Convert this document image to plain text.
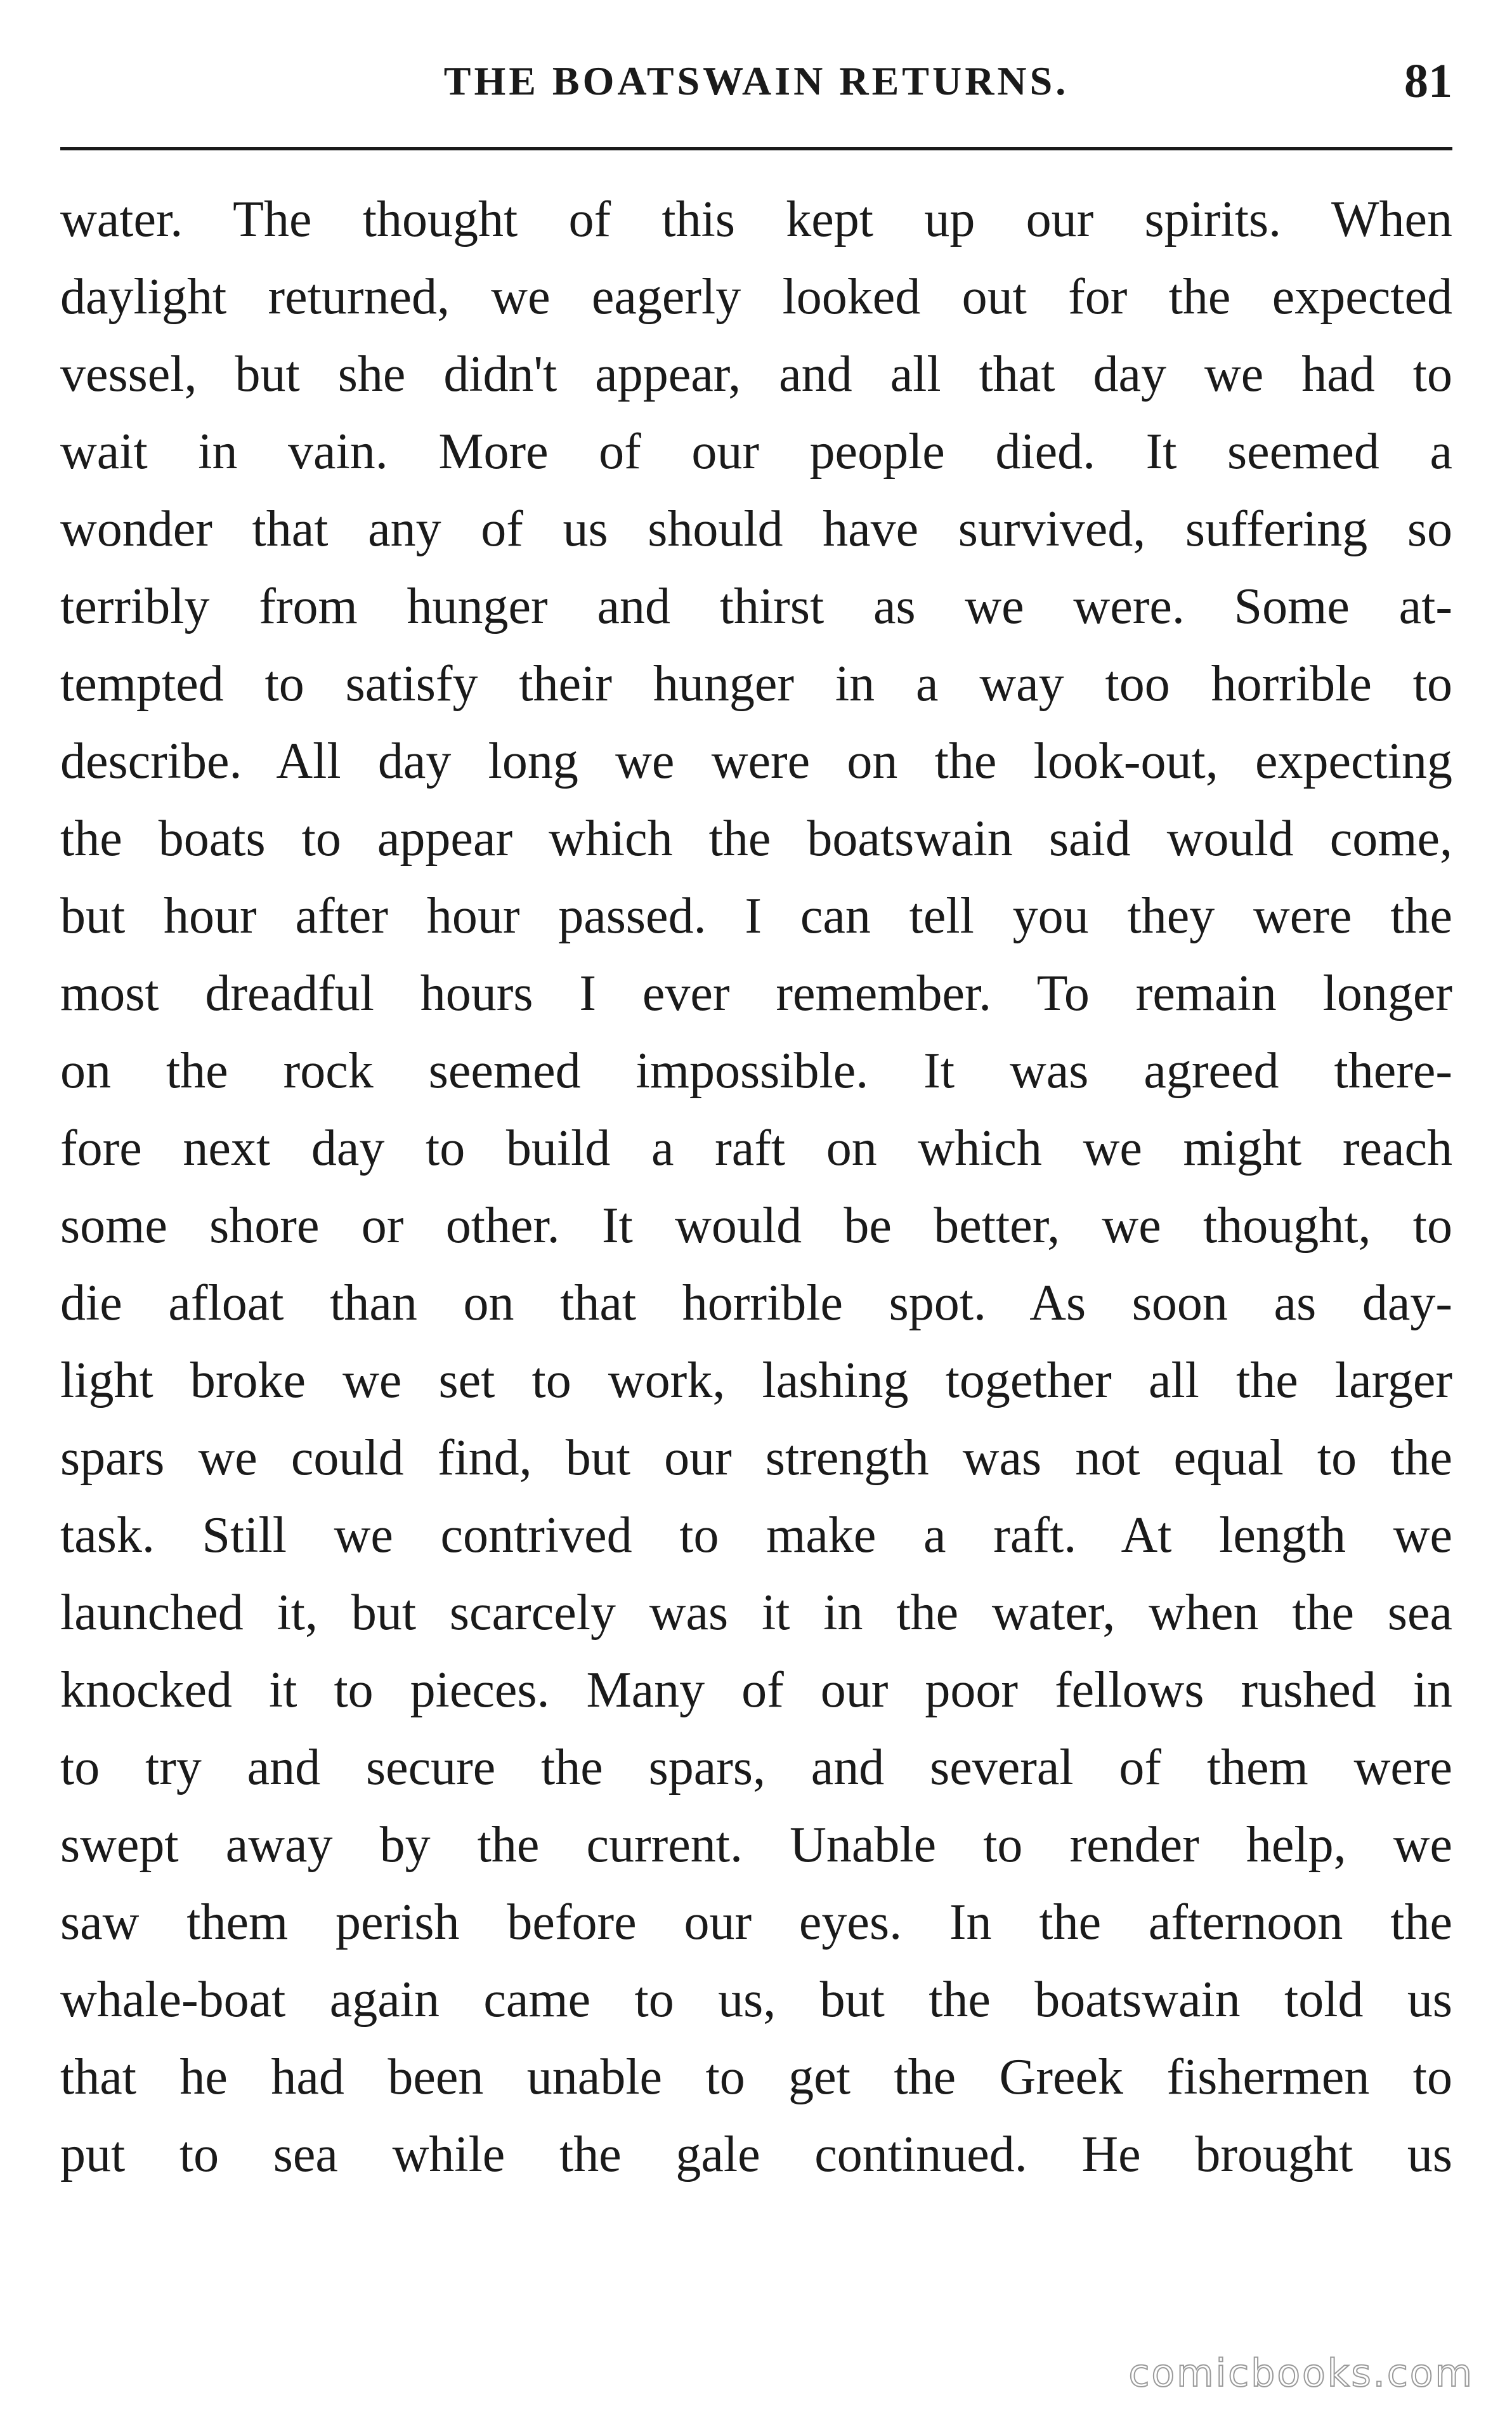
THE BOATSWAIN RETURNS.	81
water. The thought of this kept up our spirits. When
daylight returned, we eagerly looked out for the expected
vessel, but she didn't appear, and all that day we had to
wait in vain. More of our people died. It seemed a
wonder that any of us should have survived, suffering so
terribly from hunger and thirst as we were. Some at-
tempted to satisfy their hunger in a way too horrible to
describe. All day long we were on the look-out, expecting
the boats to appear which the boatswain said would come,
but hour after hour passed. I can tell you they were the
most dreadful hours I ever remember. To remain longer
on the rock seemed impossible. It was agreed there-
fore next day to build a raft on which we might reach
some shore or other. It would be better, we thought, to
die afloat than on that horrible spot. As soon as day-
light broke we set to work, lashing together all the larger
spars we could find, but our strength was not equal to the
task. Still we contrived to make a raft. At length we
launched it, but scarcely was it in the water, when the sea
knocked it to pieces. Many of our poor fellows rushed in
to try and secure the spars, and several of them were
swept away by the current. Unable to render help, we
saw them perish before our eyes. In the afternoon the
whale-boat again came to us, but the boatswain told us
that he had been unable to get the Greek fishermen to
put to sea while the gale continued. He brought us
comicbooks.com
